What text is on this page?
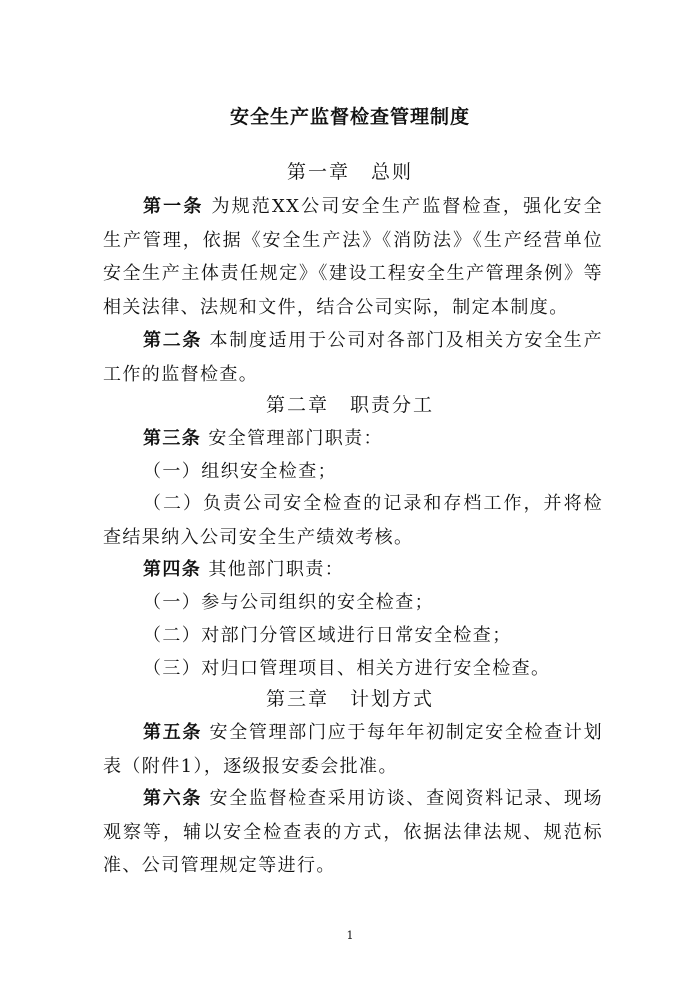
安全生产监督检查管理制度
第一章　总则
第一条 为规范XX公司安全生产监督检查，强化安全生产管理，依据《安全生产法》《消防法》《生产经营单位安全生产主体责任规定》《建设工程安全生产管理条例》等相关法律、法规和文件，结合公司实际，制定本制度。
第二条 本制度适用于公司对各部门及相关方安全生产工作的监督检查。
第二章　职责分工
第三条 安全管理部门职责：
（一）组织安全检查；
（二）负责公司安全检查的记录和存档工作，并将检查结果纳入公司安全生产绩效考核。
第四条 其他部门职责：
（一）参与公司组织的安全检查；
（二）对部门分管区域进行日常安全检查；
（三）对归口管理项目、相关方进行安全检查。
第三章　计划方式
第五条 安全管理部门应于每年年初制定安全检查计划表（附件1），逐级报安委会批准。
第六条 安全监督检查采用访谈、查阅资料记录、现场观察等，辅以安全检查表的方式，依据法律法规、规范标准、公司管理规定等进行。
1
